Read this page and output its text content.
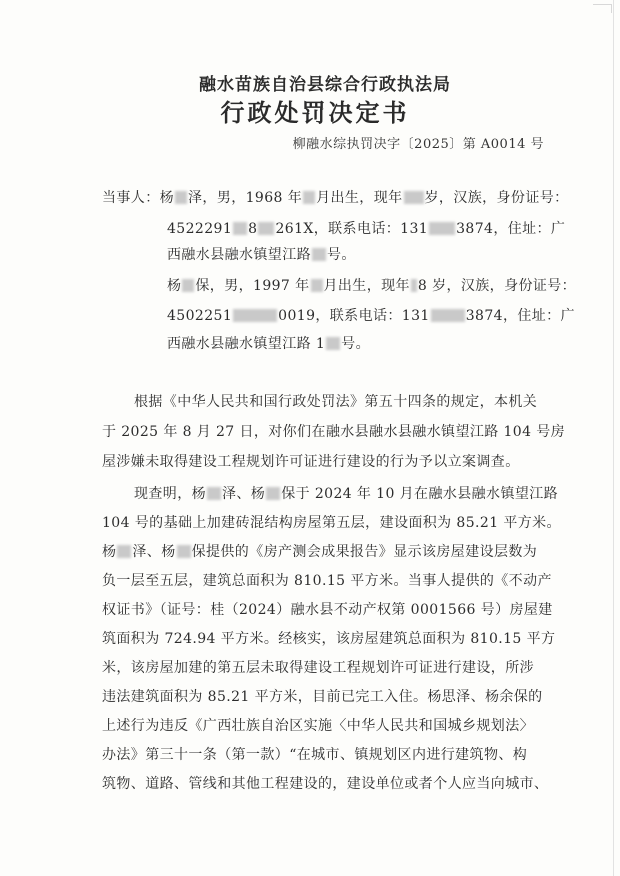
融水苗族自治县综合行政执法局
行政处罚决定书
柳融水综执罚决字〔2025〕第 A0014 号
当事人：杨 泽，男，1968 年 月出生，现年 岁，汉族，身份证号：
4522291 8 261X，联系电话：131 3874，住址：广
西融水县融水镇望江路 号。
杨 保，男，1997 年 月出生，现年 8 岁，汉族，身份证号：
4502251	0019，联系电话：131	3874，住址：广
西融水县融水镇望江路 1 号。
根据《中华人民共和国行政处罚法》第五十四条的规定，本机关
于 2025 年 8 月 27 日，对你们在融水县融水县融水镇望江路 104 号房
屋涉嫌未取得建设工程规划许可证进行建设的行为予以立案调查。
现查明，杨 泽、杨 保于 2024 年 10 月在融水县融水镇望江路
104 号的基础上加建砖混结构房屋第五层，建设面积为 85.21 平方米。
杨 泽、杨 保提供的《房产测会成果报告》显示该房屋建设层数为
负一层至五层，建筑总面积为 810.15 平方米。当事人提供的《不动产
权证书》（证号：桂（2024）融水县不动产权第 0001566 号）房屋建
筑面积为 724.94 平方米。经核实，该房屋建筑总面积为 810.15 平方
米，该房屋加建的第五层未取得建设工程规划许可证进行建设，所涉
违法建筑面积为 85.21 平方米，目前已完工入住。杨思泽、杨余保的
上述行为违反《广西壮族自治区实施〈中华人民共和国城乡规划法〉
办法》第三十一条（第一款）“在城市、镇规划区内进行建筑物、构
筑物、道路、管线和其他工程建设的，建设单位或者个人应当向城市、
